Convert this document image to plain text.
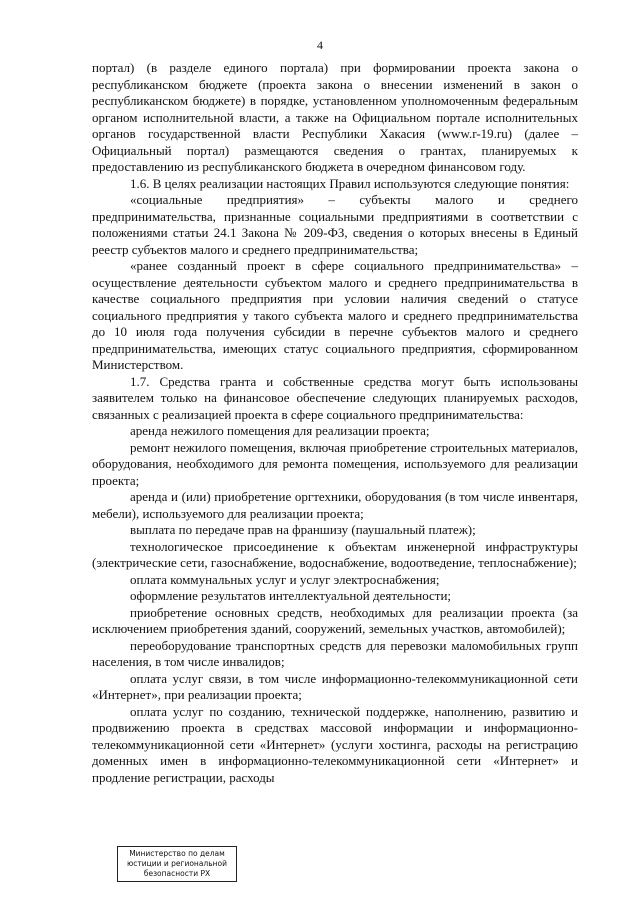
4

портал) (в разделе единого портала) при формировании проекта закона о республиканском бюджете (проекта закона о внесении изменений в закон о республиканском бюджете) в порядке, установленном уполномоченным федеральным органом исполнительной власти, а также на Официальном портале исполнительных органов государственной власти Республики Хакасия (www.r-19.ru) (далее – Официальный портал) размещаются сведения о грантах, планируемых к предоставлению из республиканского бюджета в очередном финансовом году.

1.6. В целях реализации настоящих Правил используются следующие понятия:

«социальные предприятия» – субъекты малого и среднего предпринимательства, признанные социальными предприятиями в соответствии с положениями статьи 24.1 Закона № 209-ФЗ, сведения о которых внесены в Единый реестр субъектов малого и среднего предпринимательства;

«ранее созданный проект в сфере социального предпринимательства» – осуществление деятельности субъектом малого и среднего предпринимательства в качестве социального предприятия при условии наличия сведений о статусе социального предприятия у такого субъекта малого и среднего предпринимательства до 10 июля года получения субсидии в перечне субъектов малого и среднего предпринимательства, имеющих статус социального предприятия, сформированном Министерством.

1.7. Средства гранта и собственные средства могут быть использованы заявителем только на финансовое обеспечение следующих планируемых расходов, связанных с реализацией проекта в сфере социального предпринимательства:

аренда нежилого помещения для реализации проекта;

ремонт нежилого помещения, включая приобретение строительных материалов, оборудования, необходимого для ремонта помещения, используемого для реализации проекта;

аренда и (или) приобретение оргтехники, оборудования (в том числе инвентаря, мебели), используемого для реализации проекта;

выплата по передаче прав на франшизу (паушальный платеж);

технологическое присоединение к объектам инженерной инфраструктуры (электрические сети, газоснабжение, водоснабжение, водоотведение, теплоснабжение);

оплата коммунальных услуг и услуг электроснабжения;

оформление результатов интеллектуальной деятельности;

приобретение основных средств, необходимых для реализации проекта (за исключением приобретения зданий, сооружений, земельных участков, автомобилей);

переоборудование транспортных средств для перевозки маломобильных групп населения, в том числе инвалидов;

оплата услуг связи, в том числе информационно-телекоммуникационной сети «Интернет», при реализации проекта;

оплата услуг по созданию, технической поддержке, наполнению, развитию и продвижению проекта в средствах массовой информации и информационно-телекоммуникационной сети «Интернет» (услуги хостинга, расходы на регистрацию доменных имен в информационно-телекоммуникационной сети «Интернет» и продление регистрации, расходы

Министерство по делам
юстиции и региональной
безопасности РХ
